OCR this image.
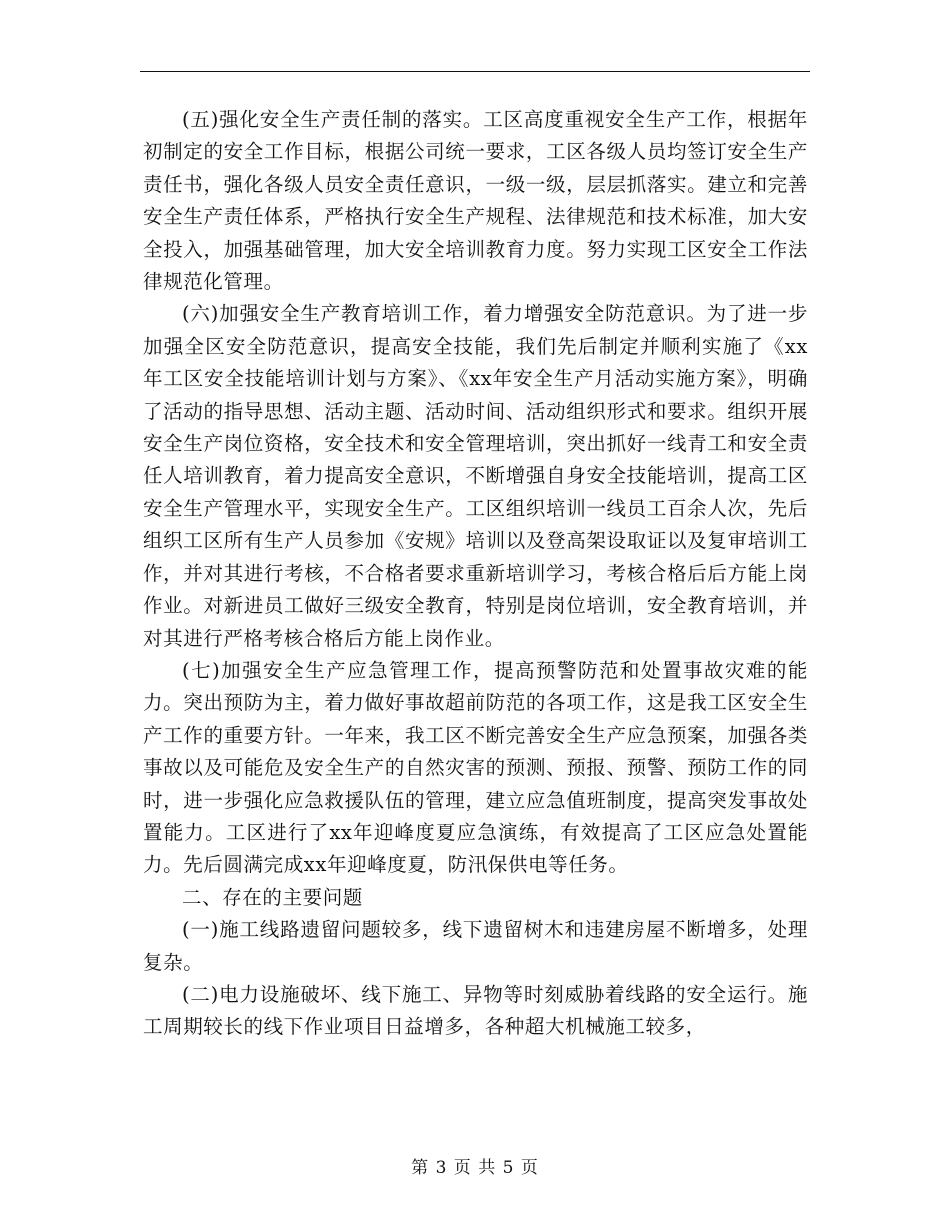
(五)强化安全生产责任制的落实。工区高度重视安全生产工作，根据年初制定的安全工作目标，根据公司统一要求，工区各级人员均签订安全生产责任书，强化各级人员安全责任意识，一级一级，层层抓落实。建立和完善安全生产责任体系，严格执行安全生产规程、法律规范和技术标准，加大安全投入，加强基础管理，加大安全培训教育力度。努力实现工区安全工作法律规范化管理。

(六)加强安全生产教育培训工作，着力增强安全防范意识。为了进一步加强全区安全防范意识，提高安全技能，我们先后制定并顺利实施了《xx年工区安全技能培训计划与方案》、《xx年安全生产月活动实施方案》，明确了活动的指导思想、活动主题、活动时间、活动组织形式和要求。组织开展安全生产岗位资格，安全技术和安全管理培训，突出抓好一线青工和安全责任人培训教育，着力提高安全意识，不断增强自身安全技能培训，提高工区安全生产管理水平，实现安全生产。工区组织培训一线员工百余人次，先后组织工区所有生产人员参加《安规》培训以及登高架设取证以及复审培训工作，并对其进行考核，不合格者要求重新培训学习，考核合格后后方能上岗作业。对新进员工做好三级安全教育，特别是岗位培训，安全教育培训，并对其进行严格考核合格后方能上岗作业。

(七)加强安全生产应急管理工作，提高预警防范和处置事故灾难的能力。突出预防为主，着力做好事故超前防范的各项工作，这是我工区安全生产工作的重要方针。一年来，我工区不断完善安全生产应急预案，加强各类事故以及可能危及安全生产的自然灾害的预测、预报、预警、预防工作的同时，进一步强化应急救援队伍的管理，建立应急值班制度，提高突发事故处置能力。工区进行了xx年迎峰度夏应急演练，有效提高了工区应急处置能力。先后圆满完成xx年迎峰度夏，防汛保供电等任务。

二、存在的主要问题

(一)施工线路遗留问题较多，线下遗留树木和违建房屋不断增多，处理复杂。

(二)电力设施破坏、线下施工、异物等时刻威胁着线路的安全运行。施工周期较长的线下作业项目日益增多，各种超大机械施工较多，

第 3 页 共 5 页
